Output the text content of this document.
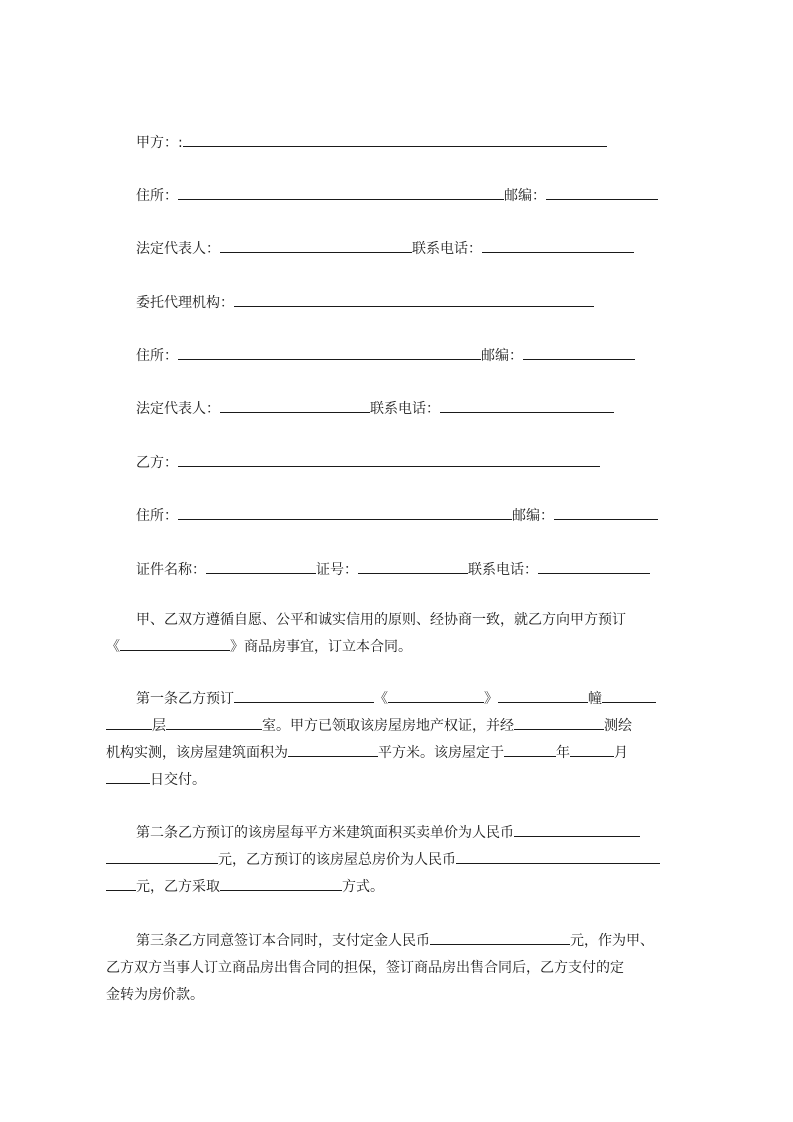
甲方：:
住所：	邮编：
法定代表人：	联系电话：
委托代理机构：
住所：	邮编：
法定代表人：	联系电话：
乙方：
住所：	邮编：
证件名称：	证号：	联系电话：
甲、乙双方遵循自愿、公平和诚实信用的原则、经协商一致，就乙方向甲方预订
《	》商品房事宜，订立本合同。
第一条乙方预订	《	》	幢
层	室。甲方已领取该房屋房地产权证，并经	测绘
机构实测，该房屋建筑面积为	平方米。该房屋定于	年	月
日交付。
第二条乙方预订的该房屋每平方米建筑面积买卖单价为人民币
元，乙方预订的该房屋总房价为人民币
元，乙方采取	方式。
第三条乙方同意签订本合同时，支付定金人民币	元，作为甲、
乙方双方当事人订立商品房出售合同的担保，签订商品房出售合同后，乙方支付的定
金转为房价款。
